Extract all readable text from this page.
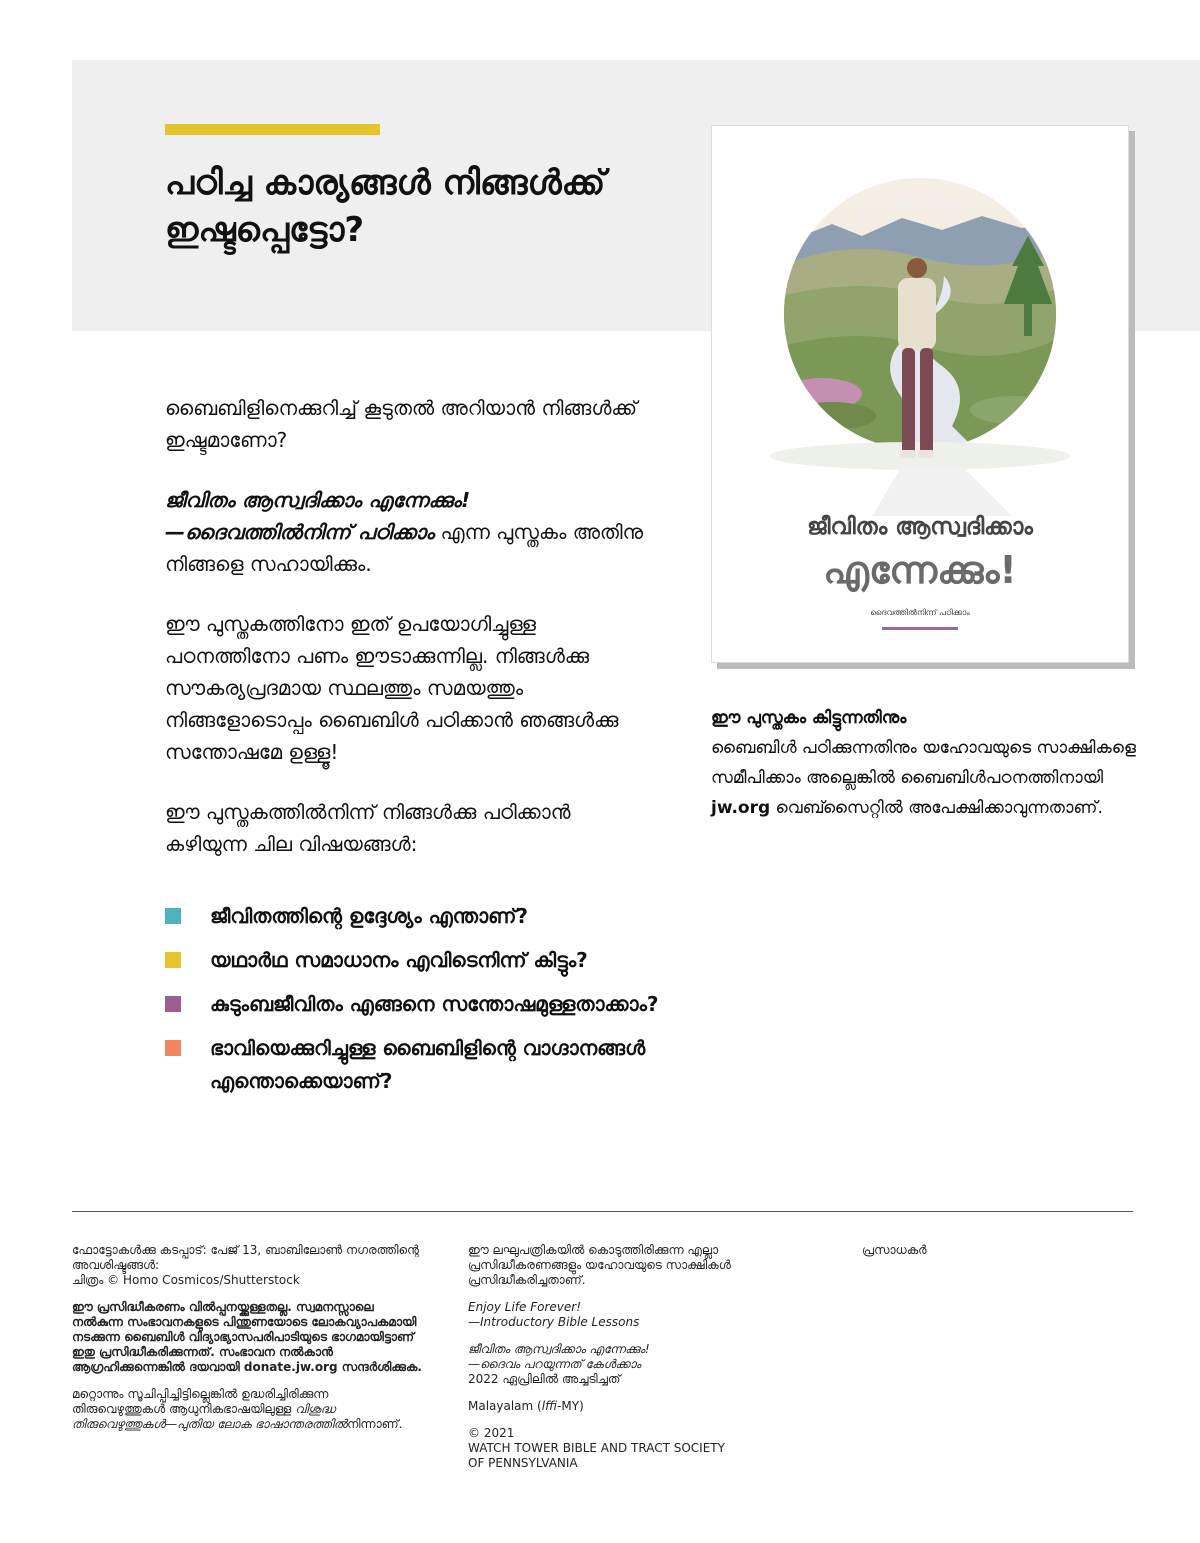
പഠിച്ച കാര്യങ്ങൾ നിങ്ങൾക്ക്
ഇഷ്ടപ്പെട്ടോ?
ജീവിതം ആസ്വദിക്കാം
എന്നേക്കും!
ദൈവത്തിൽനിന്ന് പഠിക്കാം

ബൈബിളിനെക്കുറിച്ച് കൂടുതൽ അറിയാൻ നിങ്ങൾക്ക് ഇഷ്ടമാണോ?

ജീവിതം ആസ്വദിക്കാം എന്നേക്കും!
—ദൈവത്തിൽനിന്ന് പഠിക്കാം എന്ന പുസ്തകം അതിനു നിങ്ങളെ സഹായിക്കും.

ഈ പുസ്തകത്തിനോ ഇത് ഉപയോഗിച്ചുള്ള പഠനത്തിനോ പണം ഈടാക്കുന്നില്ല. നിങ്ങൾക്കു സൗകര്യപ്രദമായ സ്ഥലത്തും സമയത്തും നിങ്ങളോടൊപ്പം ബൈബിൾ പഠിക്കാൻ ഞങ്ങൾക്കു സന്തോഷമേ ഉള്ളൂ!

ഈ പുസ്തകത്തിൽനിന്ന് നിങ്ങൾക്കു പഠിക്കാൻ കഴിയുന്ന ചില വിഷയങ്ങൾ:

ജീവിതത്തിന്റെ ഉദ്ദേശ്യം എന്താണ്?
യഥാർഥ സമാധാനം എവിടെനിന്ന് കിട്ടും?
കുടുംബജീവിതം എങ്ങനെ സന്തോഷമുള്ളതാക്കാം?
ഭാവിയെക്കുറിച്ചുള്ള ബൈബിളിന്റെ വാഗ്ദാനങ്ങൾ എന്തൊക്കെയാണ്?

ഈ പുസ്തകം കിട്ടുന്നതിനും
ബൈബിൾ പഠിക്കുന്നതിനും യഹോവയുടെ സാക്ഷികളെ സമീപിക്കാം അല്ലെങ്കിൽ ബൈബിൾപഠനത്തിനായി jw.org വെബ്സൈറ്റിൽ അപേക്ഷിക്കാവുന്നതാണ്.

ഫോട്ടോകൾക്കു കടപ്പാട്: പേജ് 13, ബാബിലോൺ നഗരത്തിന്റെ അവശിഷ്ടങ്ങൾ:
ചിത്രം © Homo Cosmicos/Shutterstock

ഈ പ്രസിദ്ധീകരണം വിൽപ്പനയ്ക്കുള്ളതല്ല. സ്വമനസ്സാലെ നൽകുന്ന സംഭാവനകളുടെ പിന്തുണയോടെ ലോകവ്യാപകമായി നടക്കുന്ന ബൈബിൾ വിദ്യാഭ്യാസപരിപാടിയുടെ ഭാഗമായിട്ടാണ് ഇതു പ്രസിദ്ധീകരിക്കുന്നത്. സംഭാവന നൽകാൻ ആഗ്രഹിക്കുന്നെങ്കിൽ ദയവായി donate.jw.org സന്ദർശിക്കുക.

മറ്റൊന്നും സൂചിപ്പിച്ചിട്ടില്ലെങ്കിൽ ഉദ്ധരിച്ചിരിക്കുന്ന തിരുവെഴുത്തുകൾ ആധുനികഭാഷയിലുള്ള വിശുദ്ധ തിരുവെഴുത്തുകൾ—പുതിയ ലോക ഭാഷാന്തരത്തിൽനിന്നാണ്.

ഈ ലഘുപത്രികയിൽ കൊടുത്തിരിക്കുന്ന എല്ലാ പ്രസിദ്ധീകരണങ്ങളും യഹോവയുടെ സാക്ഷികൾ പ്രസിദ്ധീകരിച്ചതാണ്.

Enjoy Life Forever!
—Introductory Bible Lessons

ജീവിതം ആസ്വദിക്കാം എന്നേക്കും!
—ദൈവം പറയുന്നത് കേൾക്കാം
2022 ഏപ്രിലിൽ അച്ചടിച്ചത്

Malayalam (lffi-MY)

© 2021
WATCH TOWER BIBLE AND TRACT SOCIETY
OF PENNSYLVANIA

പ്രസാധകർ
